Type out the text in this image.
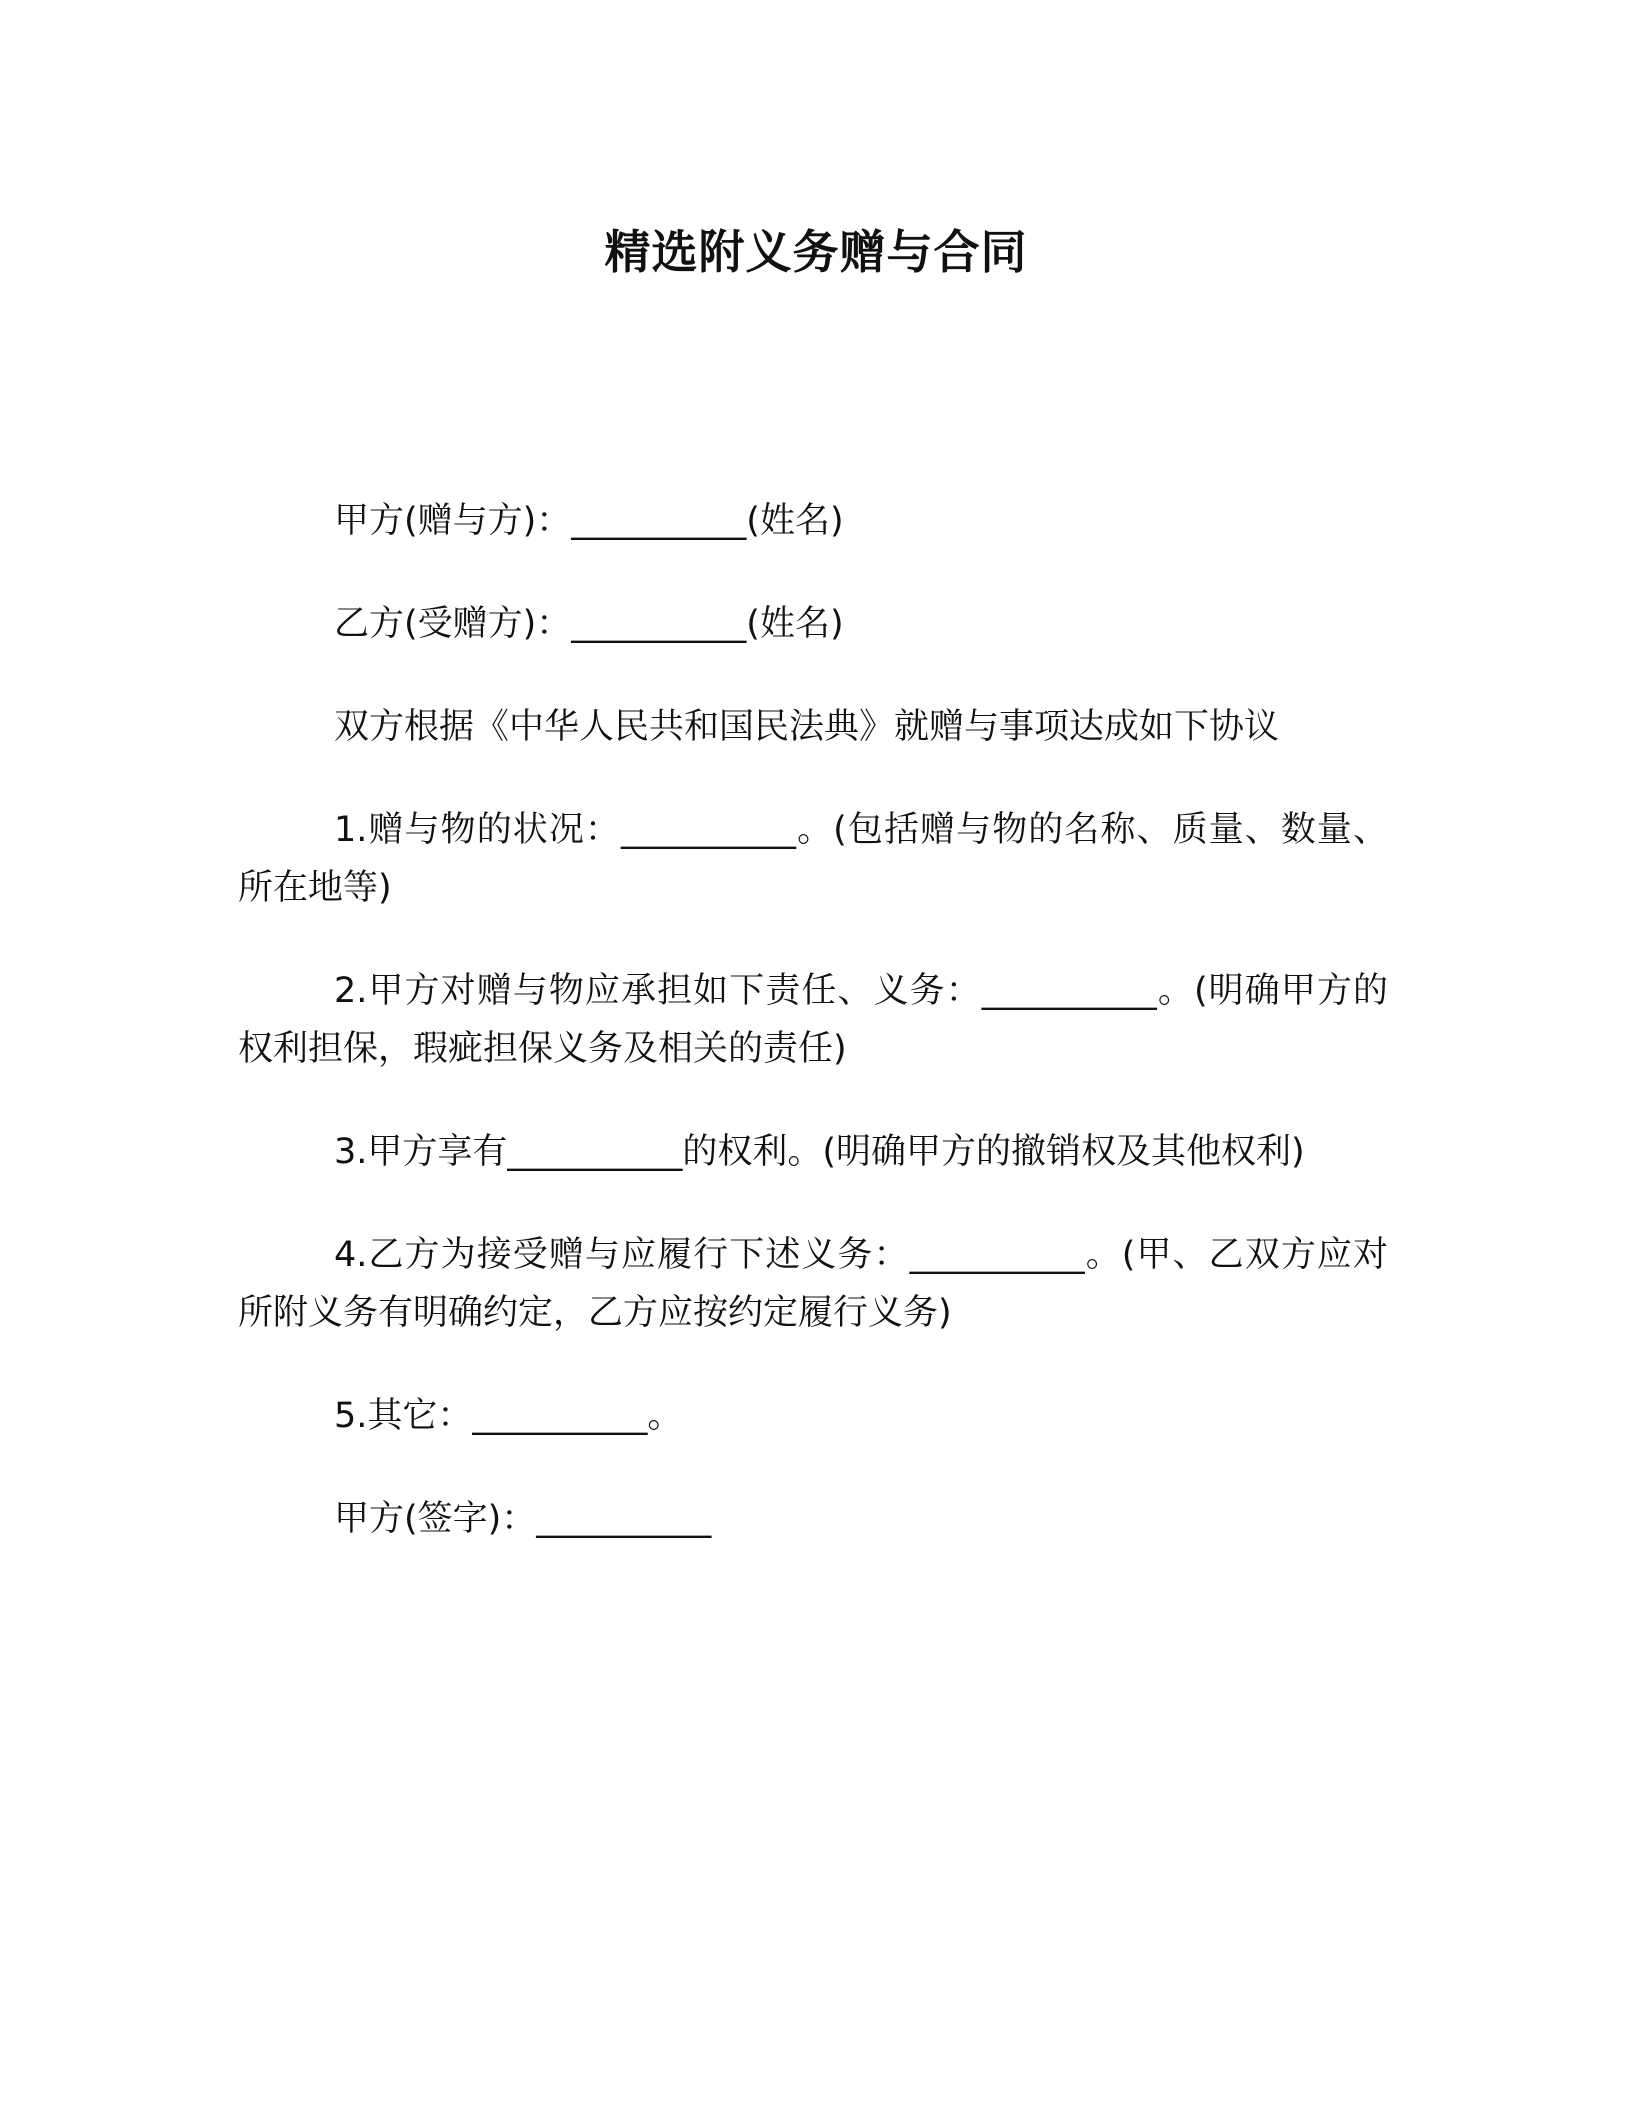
精选附义务赠与合同

甲方(赠与方)：__________(姓名)

乙方(受赠方)：__________(姓名)

双方根据《中华人民共和国民法典》就赠与事项达成如下协议

1.赠与物的状况：__________。(包括赠与物的名称、质量、数量、所在地等)

2.甲方对赠与物应承担如下责任、义务：__________。(明确甲方的权利担保，瑕疵担保义务及相关的责任)

3.甲方享有__________的权利。(明确甲方的撤销权及其他权利)

4.乙方为接受赠与应履行下述义务：__________。(甲、乙双方应对所附义务有明确约定，乙方应按约定履行义务)

5.其它：__________。

甲方(签字)：__________
